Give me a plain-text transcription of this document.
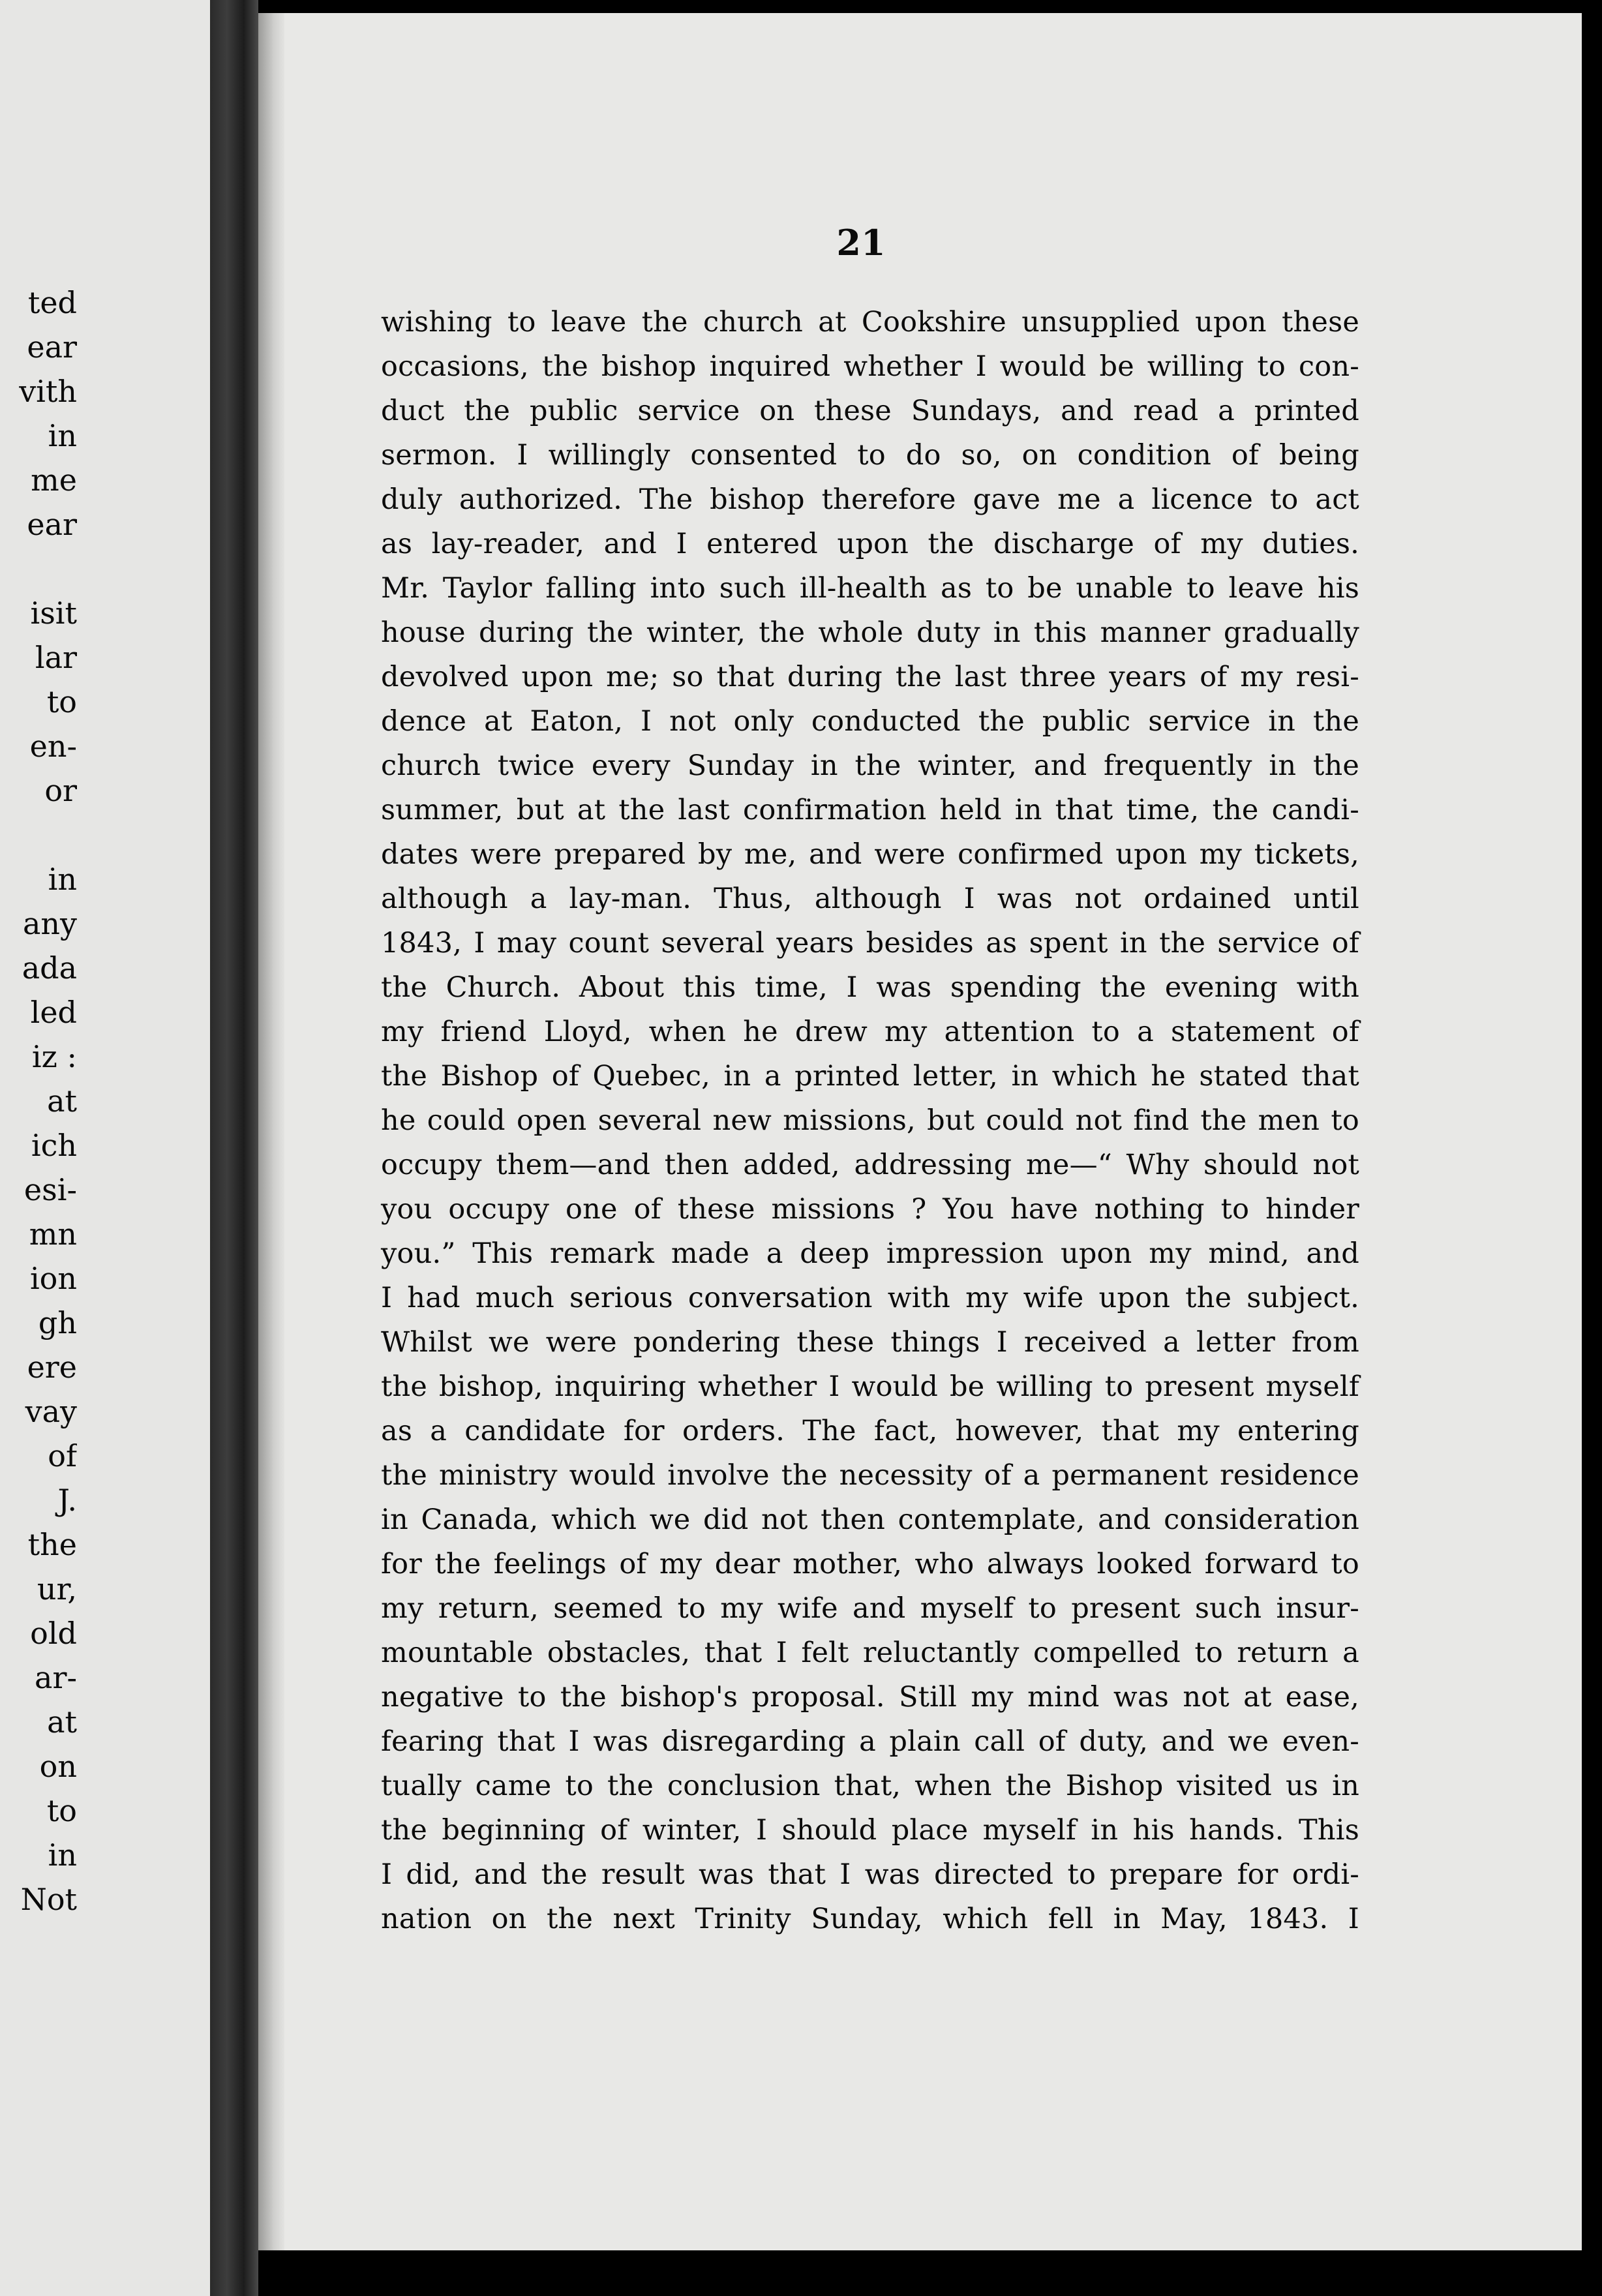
ted
ear
vith
in
me
ear
isit
lar
to
en-
or
in
any
ada
led
iz :
at
ich
esi-
mn
ion
gh
ere
vay
of
J.
the
ur,
old
ar-
at
on
to
in
Not
21
wishing to leave the church at Cookshire unsupplied upon these
occasions, the bishop inquired whether I would be willing to con-
duct the public service on these Sundays, and read a printed
sermon. I willingly consented to do so, on condition of being
duly authorized. The bishop therefore gave me a licence to act
as lay-reader, and I entered upon the discharge of my duties.
Mr. Taylor falling into such ill-health as to be unable to leave his
house during the winter, the whole duty in this manner gradually
devolved upon me; so that during the last three years of my resi-
dence at Eaton, I not only conducted the public service in the
church twice every Sunday in the winter, and frequently in the
summer, but at the last confirmation held in that time, the candi-
dates were prepared by me, and were confirmed upon my tickets,
although a lay-man. Thus, although I was not ordained until
1843, I may count several years besides as spent in the service of
the Church. About this time, I was spending the evening with
my friend Lloyd, when he drew my attention to a statement of
the Bishop of Quebec, in a printed letter, in which he stated that
he could open several new missions, but could not find the men to
occupy them—and then added, addressing me—“ Why should not
you occupy one of these missions ? You have nothing to hinder
you.” This remark made a deep impression upon my mind, and
I had much serious conversation with my wife upon the subject.
Whilst we were pondering these things I received a letter from
the bishop, inquiring whether I would be willing to present myself
as a candidate for orders. The fact, however, that my entering
the ministry would involve the necessity of a permanent residence
in Canada, which we did not then contemplate, and consideration
for the feelings of my dear mother, who always looked forward to
my return, seemed to my wife and myself to present such insur-
mountable obstacles, that I felt reluctantly compelled to return a
negative to the bishop's proposal. Still my mind was not at ease,
fearing that I was disregarding a plain call of duty, and we even-
tually came to the conclusion that, when the Bishop visited us in
the beginning of winter, I should place myself in his hands. This
I did, and the result was that I was directed to prepare for ordi-
nation on the next Trinity Sunday, which fell in May, 1843. I
